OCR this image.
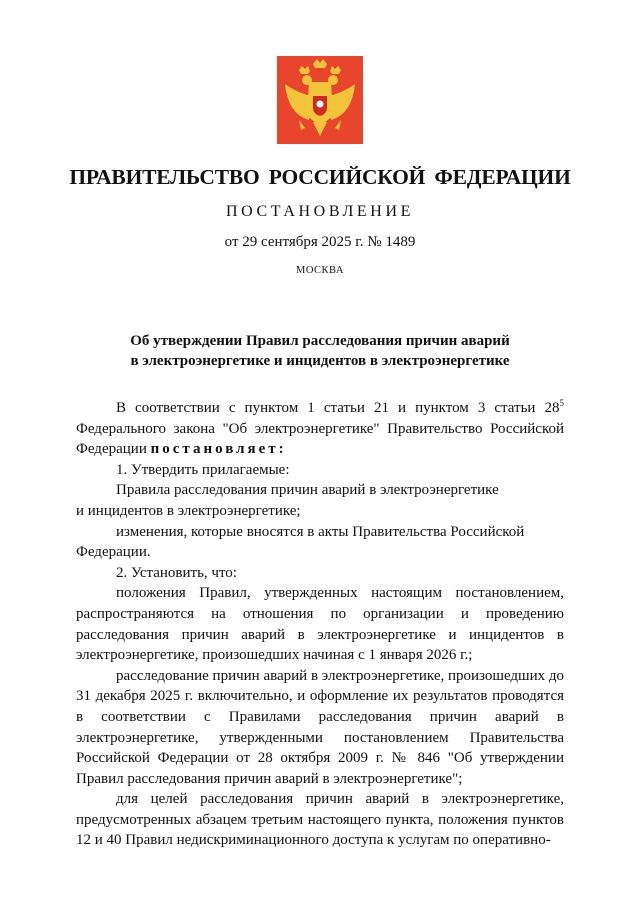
ПРАВИТЕЛЬСТВО РОССИЙСКОЙ ФЕДЕРАЦИИ
ПОСТАНОВЛЕНИЕ
от 29 сентября 2025 г. № 1489
МОСКВА
Об утверждении Правил расследования причин аварий
в электроэнергетике и инцидентов в электроэнергетике

В соответствии с пунктом 1 статьи 21 и пунктом 3 статьи $28^5$ Федерального закона "Об электроэнергетике" Правительство Российской Федерации постановляет:

1. Утвердить прилагаемые:

Правила расследования причин аварий в электроэнергетике

и инцидентов в электроэнергетике;

изменения, которые вносятся в акты Правительства Российской

Федерации.

2. Установить, что:

положения Правил, утвержденных настоящим постановлением, распространяются на отношения по организации и проведению расследования причин аварий в электроэнергетике и инцидентов в электроэнергетике, произошедших начиная с 1 января 2026 г.;

расследование причин аварий в электроэнергетике, произошедших до 31 декабря 2025 г. включительно, и оформление их результатов проводятся в соответствии с Правилами расследования причин аварий в электроэнергетике, утвержденными постановлением Правительства Российской Федерации от 28 октября 2009 г. № 846 "Об утверждении Правил расследования причин аварий в электроэнергетике";

для целей расследования причин аварий в электроэнергетике, предусмотренных абзацем третьим настоящего пункта, положения пунктов 12 и 40 Правил недискриминационного доступа к услугам по оперативно-
